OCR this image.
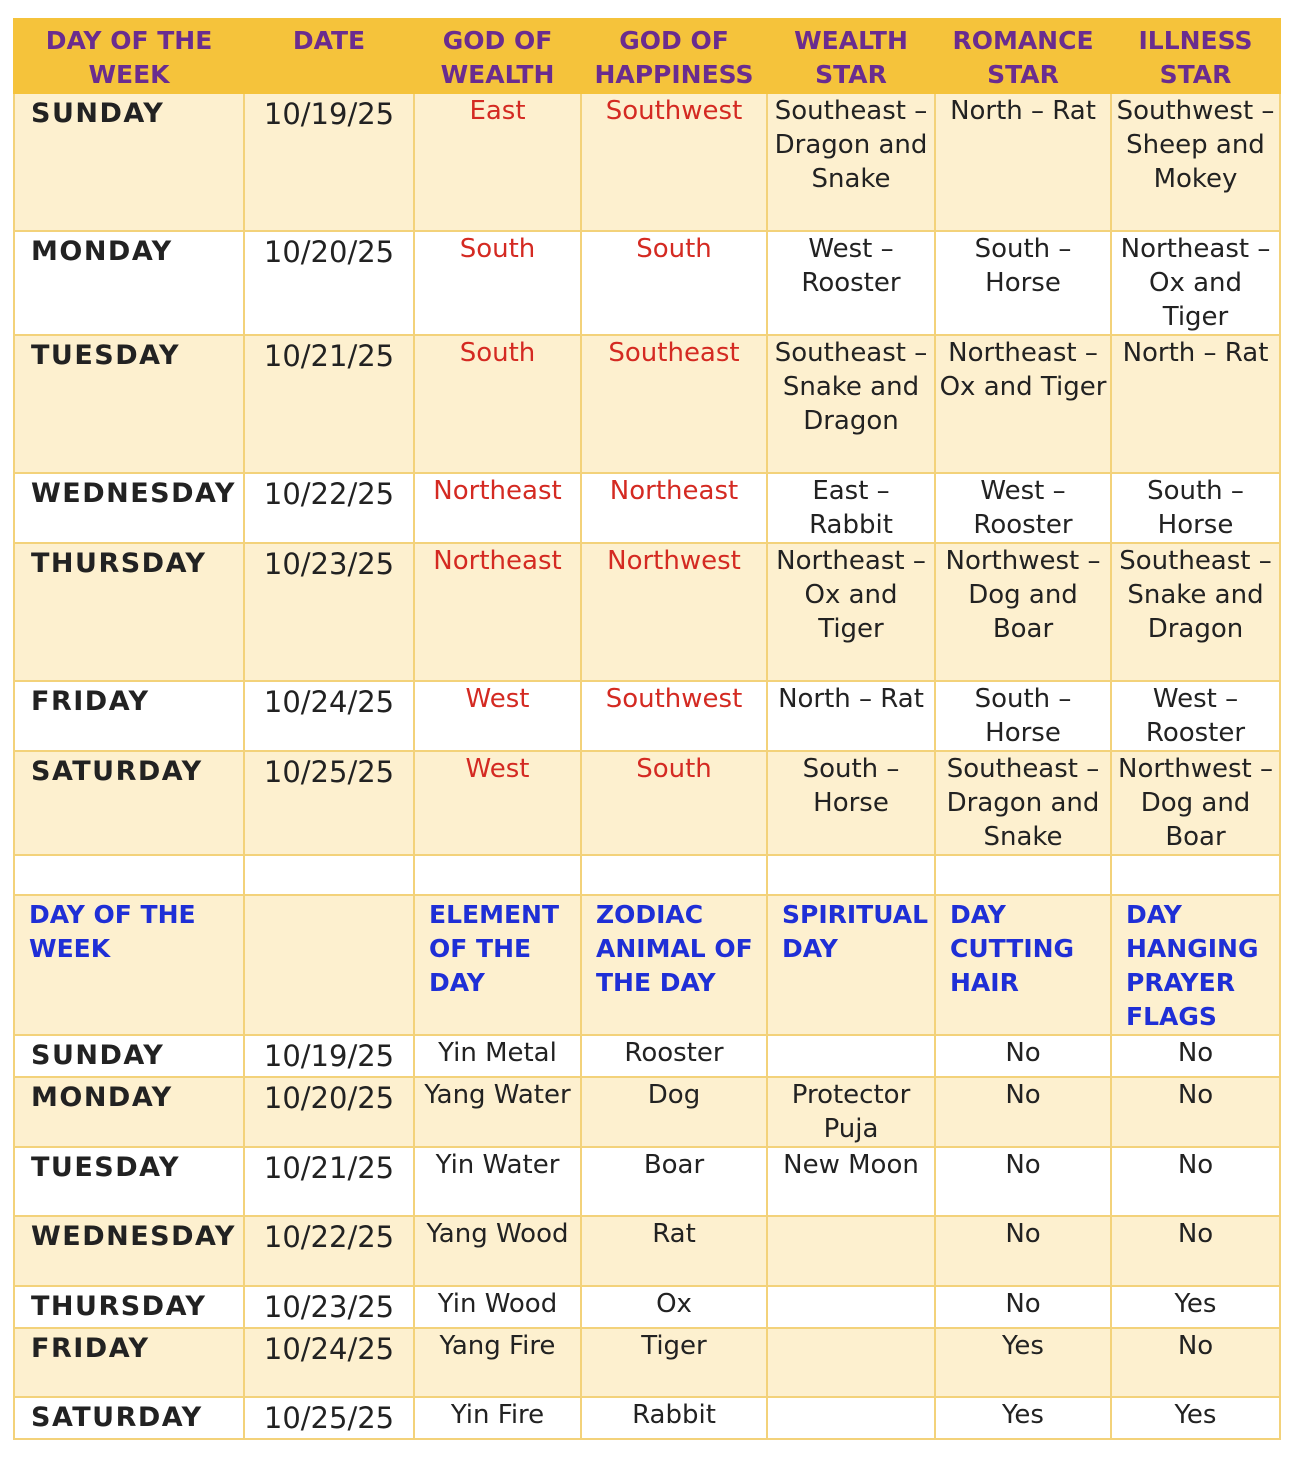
DAY OF THE WEEK	DATE	GOD OF WEALTH	GOD OF HAPPINESS	WEALTH STAR	ROMANCE STAR	ILLNESS STAR
SUNDAY	10/19/25	East	Southwest	Southeast – Dragon and Snake	North – Rat	Southwest – Sheep and Mokey
MONDAY	10/20/25	South	South	West – Rooster	South – Horse	Northeast – Ox and Tiger
TUESDAY	10/21/25	South	Southeast	Southeast – Snake and Dragon	Northeast – Ox and Tiger	North – Rat
WEDNESDAY	10/22/25	Northeast	Northeast	East – Rabbit	West – Rooster	South – Horse
THURSDAY	10/23/25	Northeast	Northwest	Northeast – Ox and Tiger	Northwest – Dog and Boar	Southeast – Snake and Dragon
FRIDAY	10/24/25	West	Southwest	North – Rat	South – Horse	West – Rooster
SATURDAY	10/25/25	West	South	South – Horse	Southeast – Dragon and Snake	Northwest – Dog and Boar

DAY OF THE WEEK		ELEMENT OF THE DAY	ZODIAC ANIMAL OF THE DAY	SPIRITUAL DAY	DAY CUTTING HAIR	DAY HANGING PRAYER FLAGS
SUNDAY	10/19/25	Yin Metal	Rooster		No	No
MONDAY	10/20/25	Yang Water	Dog	Protector Puja	No	No
TUESDAY	10/21/25	Yin Water	Boar	New Moon	No	No
WEDNESDAY	10/22/25	Yang Wood	Rat		No	No
THURSDAY	10/23/25	Yin Wood	Ox		No	Yes
FRIDAY	10/24/25	Yang Fire	Tiger		Yes	No
SATURDAY	10/25/25	Yin Fire	Rabbit		Yes	Yes
